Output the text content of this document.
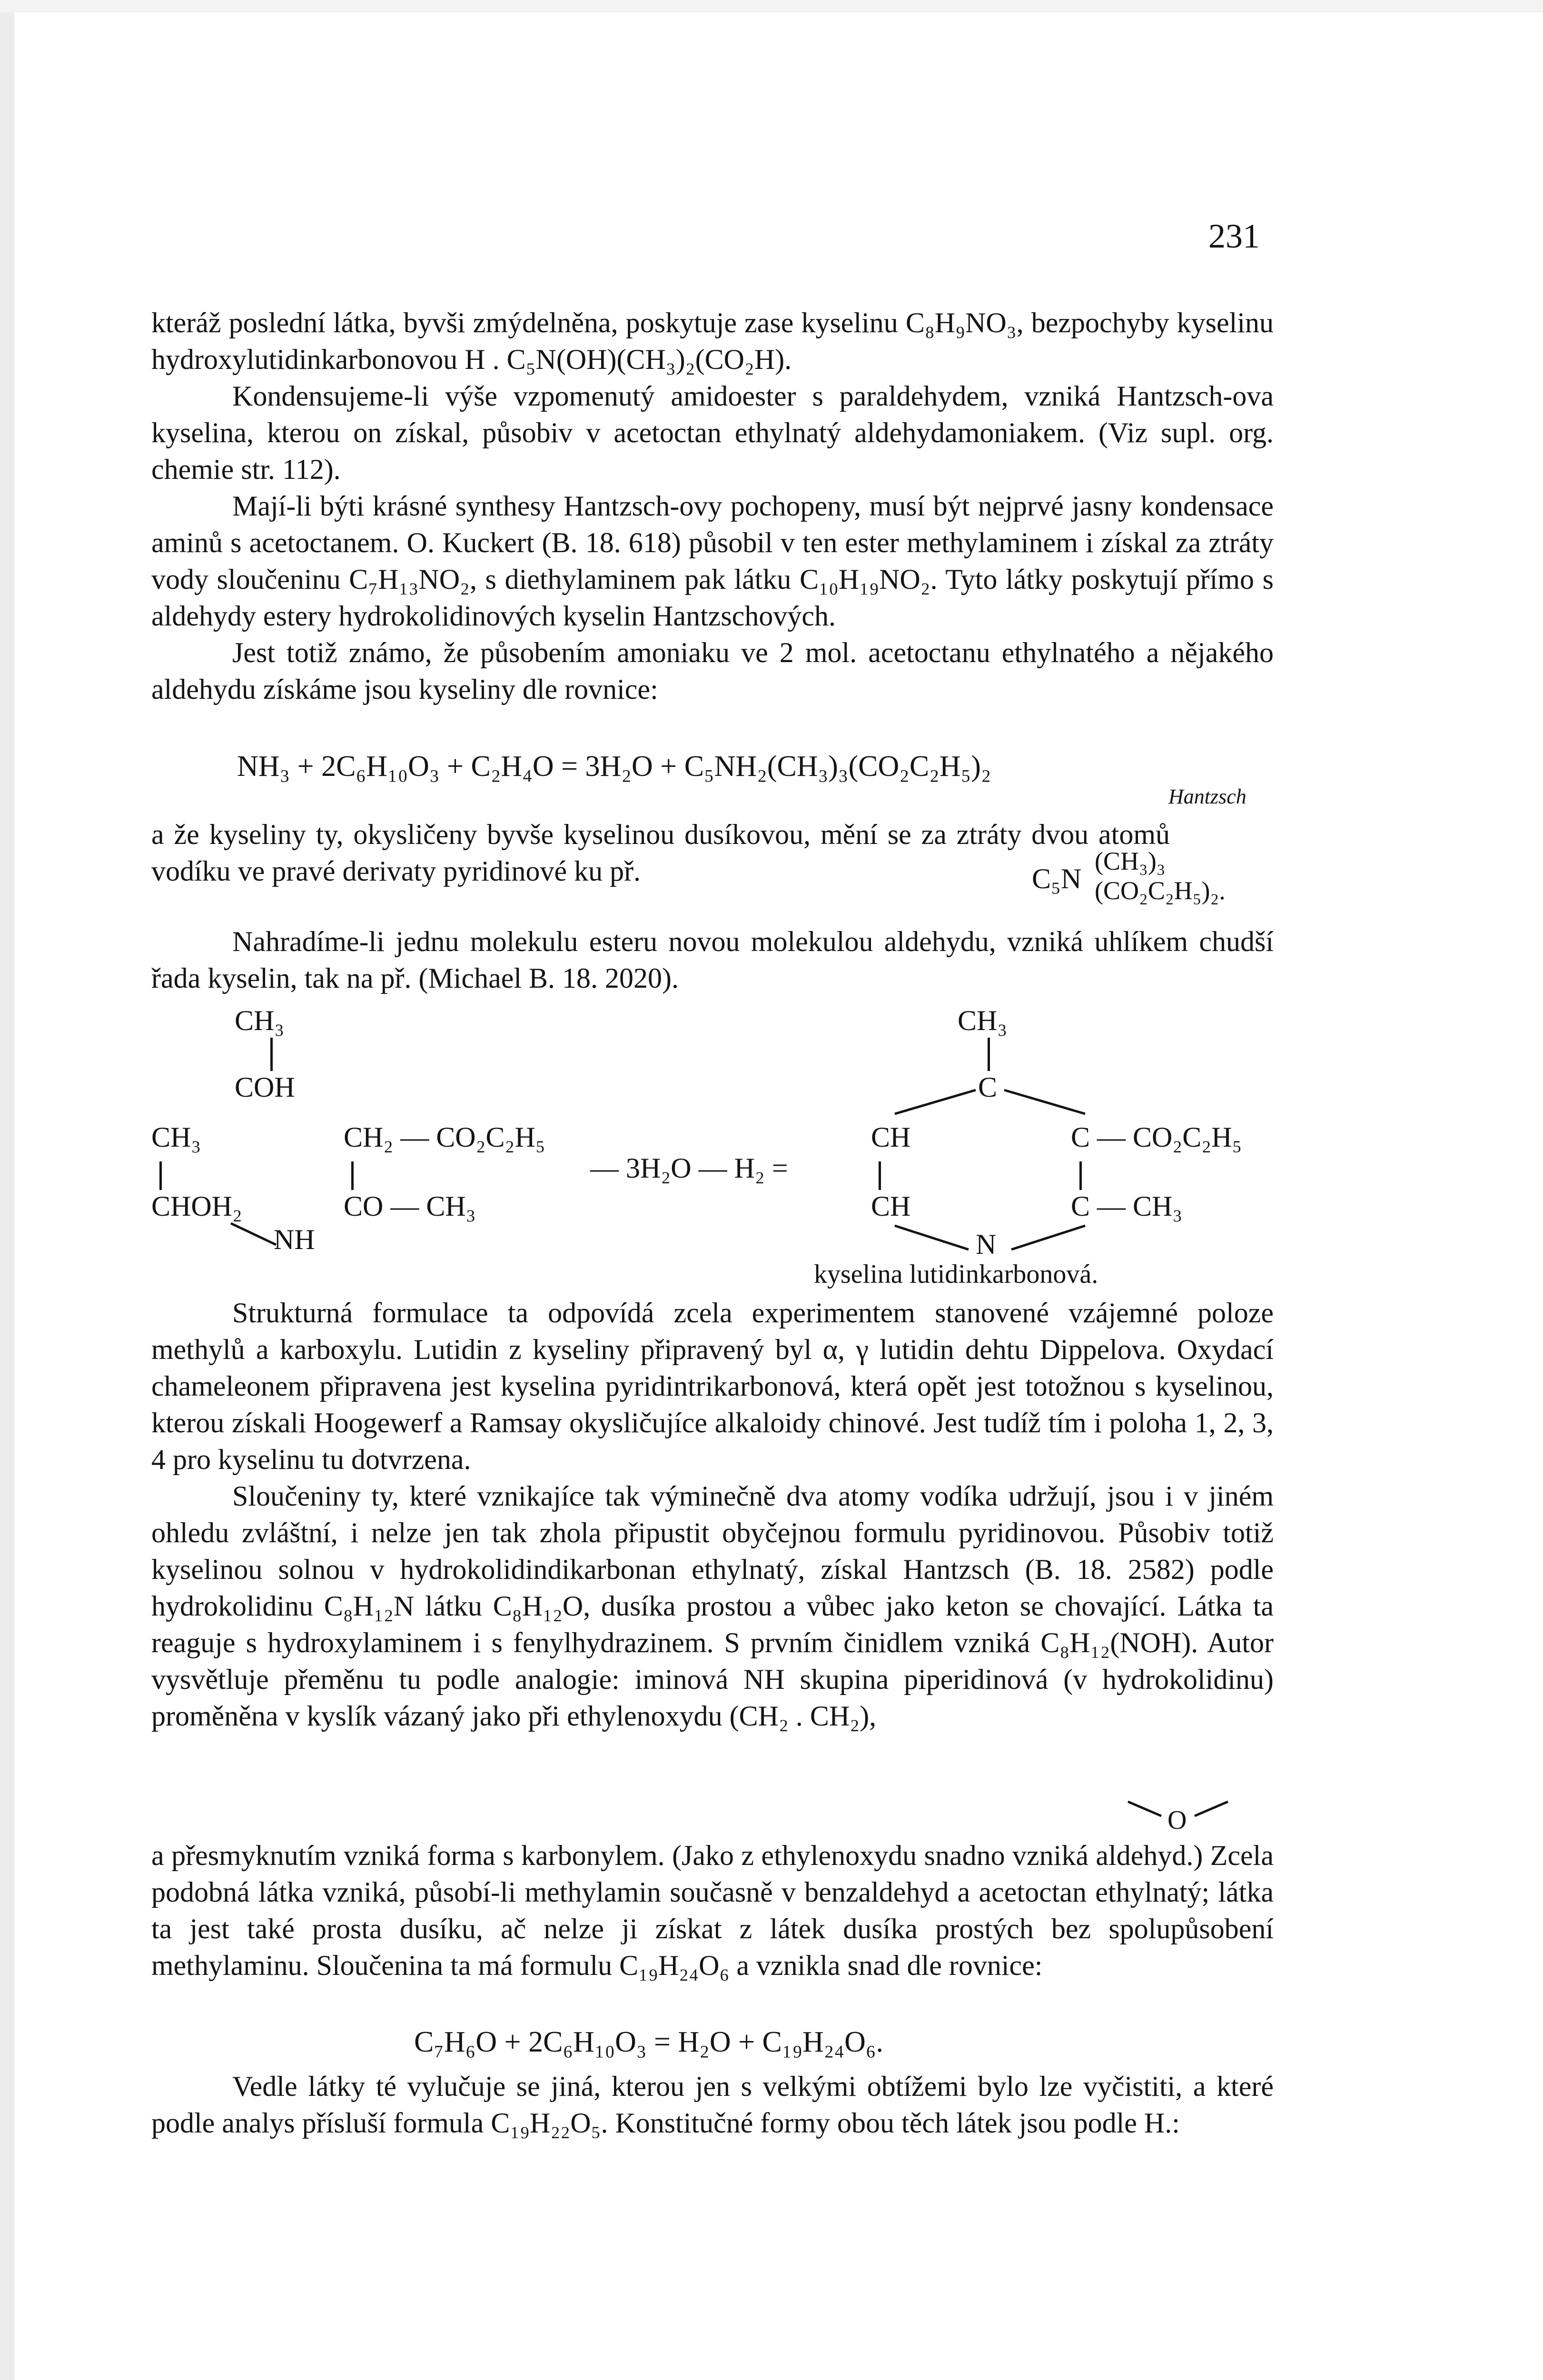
231

kteráž poslední látka, byvši zmýdelněna, poskytuje zase kyselinu C₈H₉NO₃, bezpochyby kyselinu hydroxylutidinkarbonovou H . C₅N(OH)(CH₃)₂(CO₂H).

Kondensujeme-li výše vzpomenutý amidoester s paraldehydem, vzniká Hantzsch-ova kyselina, kterou on získal, působiv v acetoctan ethylnatý aldehydamoniakem. (Viz supl. org. chemie str. 112).

Mají-li býti krásné synthesy Hantzsch-ovy pochopeny, musí být nejprvé jasny kondensace aminů s acetoctanem. O. Kuckert (B. 18. 618) působil v ten ester methylaminem i získal za ztráty vody sloučeninu C₇H₁₃NO₂, s diethylaminem pak látku C₁₀H₁₉NO₂. Tyto látky poskytují přímo s aldehydy estery hydrokolidinových kyselin Hantzschových.

Jest totiž známo, že působením amoniaku ve 2 mol. acetoctanu ethylnatého a nějakého aldehydu získáme jsou kyseliny dle rovnice:

NH₃ + 2C₆H₁₀O₃ + C₂H₄O = 3H₂O + C₅NH₂(CH₃)₃(CO₂C₂H₅)₂
Hantzsch

a že kyseliny ty, okysličeny byvše kyselinou dusíkovou, mění se za ztráty dvou atomů vodíku ve pravé derivaty pyridinové ku př.	C₅N
(CH₃)₃
(CO₂C₂H₅)₂.

Nahradíme-li jednu molekulu esteru novou molekulou aldehydu, vzniká uhlíkem chudší řada kyselin, tak na př. (Michael B. 18. 2020).

CH₃
COH
CH₃
CHOH₂
NH
CH₂ — CO₂C₂H₅
CO — CH₃
— 3H₂O — H₂ =
CH₃
C
CH	C — CO₂C₂H₅
CH	C — CH₃
N
kyselina lutidinkarbonová.

Strukturná formulace ta odpovídá zcela experimentem stanovené vzájemné poloze methylů a karboxylu. Lutidin z kyseliny připravený byl α, γ lutidin dehtu Dippelova. Oxydací chameleonem připravena jest kyselina pyridintrikarbonová, která opět jest totožnou s kyselinou, kterou získali Hoogewerf a Ramsay okysličujíce alkaloidy chinové. Jest tudíž tím i poloha 1, 2, 3, 4 pro kyselinu tu dotvrzena.

Sloučeniny ty, které vznikajíce tak výminečně dva atomy vodíka udržují, jsou i v jiném ohledu zvláštní, i nelze jen tak zhola připustit obyčejnou formulu pyridinovou. Působiv totiž kyselinou solnou v hydrokolidindikarbonan ethylnatý, získal Hantzsch (B. 18. 2582) podle hydrokolidinu C₈H₁₂N látku C₈H₁₂O, dusíka prostou a vůbec jako keton se chovající. Látka ta reaguje s hydroxylaminem i s fenylhydrazinem. S prvním činidlem vzniká C₈H₁₂(NOH). Autor vysvětluje přeměnu tu podle analogie: iminová NH skupina piperidinová (v hydrokolidinu) proměněna v kyslík vázaný jako při ethylenoxydu (CH₂ . CH₂),

O

a přesmyknutím vzniká forma s karbonylem. (Jako z ethylenoxydu snadno vzniká aldehyd.) Zcela podobná látka vzniká, působí-li methylamin současně v benzaldehyd a acetoctan ethylnatý; látka ta jest také prosta dusíku, ač nelze ji získat z látek dusíka prostých bez spolupůsobení methylaminu. Sloučenina ta má formulu C₁₉H₂₄O₆ a vznikla snad dle rovnice:

C₇H₆O + 2C₆H₁₀O₃ = H₂O + C₁₉H₂₄O₆.

Vedle látky té vylučuje se jiná, kterou jen s velkými obtížemi bylo lze vyčistiti, a které podle analys přísluší formula C₁₉H₂₂O₅. Konstitučné formy obou těch látek jsou podle H.:
